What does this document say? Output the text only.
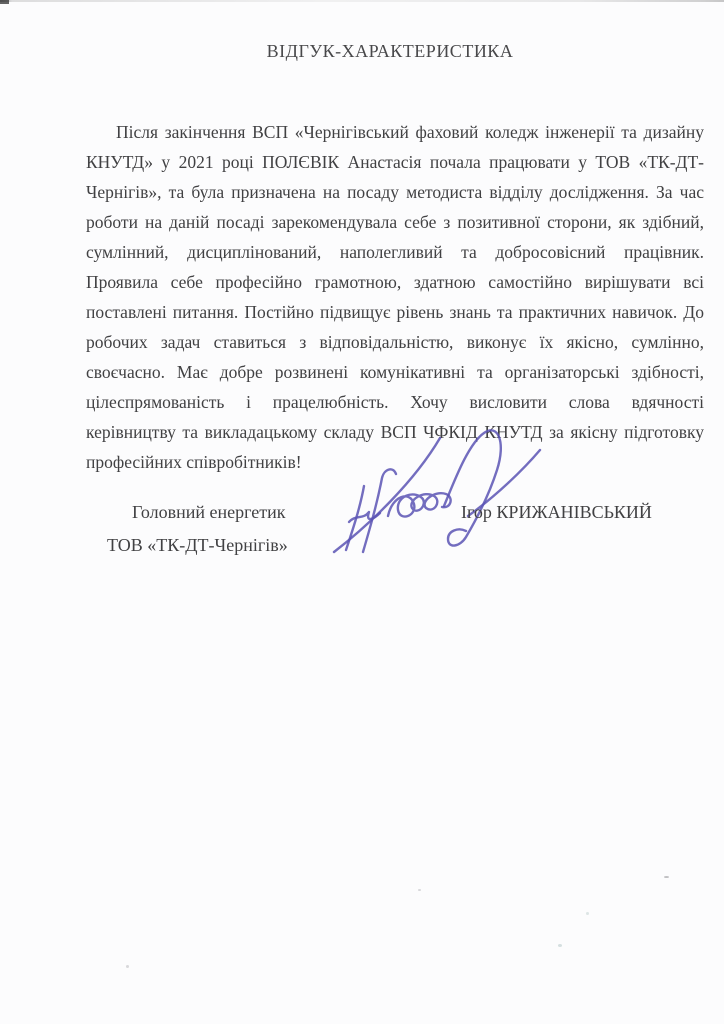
ВІДГУК-ХАРАКТЕРИСТИКА
Після закінчення ВСП «Чернігівський фаховий коледж інженерії та дизайну
КНУТД» у 2021 році ПОЛЄВІК Анастасія почала працювати у ТОВ «ТК-ДТ-
Чернігів», та була призначена на посаду методиста відділу дослідження. За час
роботи на даній посаді зарекомендувала себе з позитивної сторони, як здібний,
сумлінний, дисциплінований, наполегливий та добросовісний працівник.
Проявила себе професійно грамотною, здатною самостійно вирішувати всі
поставлені питання. Постійно підвищує рівень знань та практичних навичок. До
робочих задач ставиться з відповідальністю, виконує їх якісно, сумлінно,
своєчасно. Має добре розвинені комунікативні та організаторські здібності,
цілеспрямованість і працелюбність. Хочу висловити слова вдячності
керівництву та викладацькому складу ВСП ЧФКІД КНУТД за якісну підготовку
професійних співробітників!
Головний енергетик
ТОВ «ТК-ДТ-Чернігів»
Ігор КРИЖАНІВСЬКИЙ
